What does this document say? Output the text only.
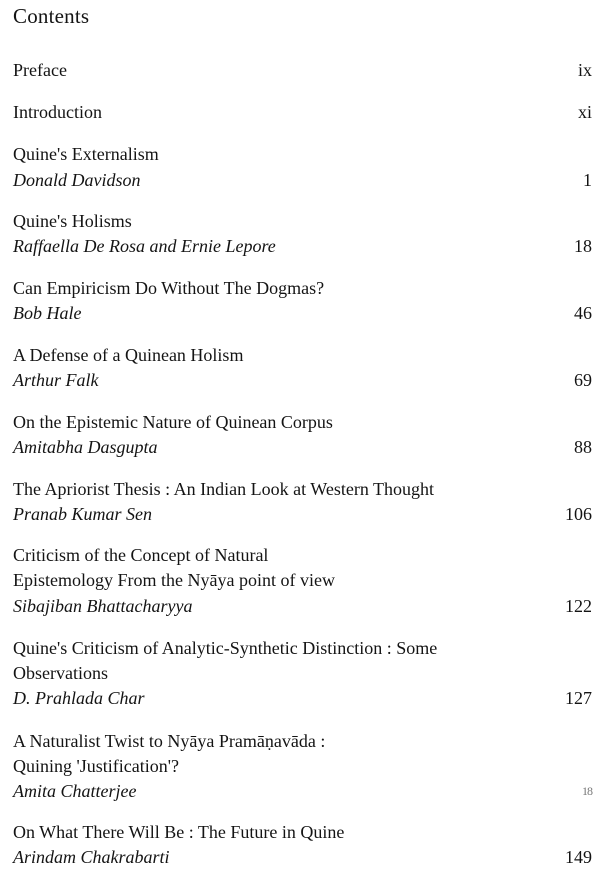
Contents
Preface	ix
Introduction	xi
Quine's Externalism
Donald Davidson	1
Quine's Holisms
Raffaella De Rosa and Ernie Lepore	18
Can Empiricism Do Without The Dogmas?
Bob Hale	46
A Defense of a Quinean Holism
Arthur Falk	69
On the Epistemic Nature of Quinean Corpus
Amitabha Dasgupta	88
The Apriorist Thesis : An Indian Look at Western Thought
Pranab Kumar Sen	106
Criticism of the Concept of Natural
Epistemology From the Nyāya point of view
Sibajiban Bhattacharyya	122
Quine's Criticism of Analytic-Synthetic Distinction : Some
Observations
D. Prahlada Char	127
A Naturalist Twist to Nyāya Pramāṇavāda :
Quining 'Justification'?
Amita Chatterjee	18
On What There Will Be : The Future in Quine
Arindam Chakrabarti	149
